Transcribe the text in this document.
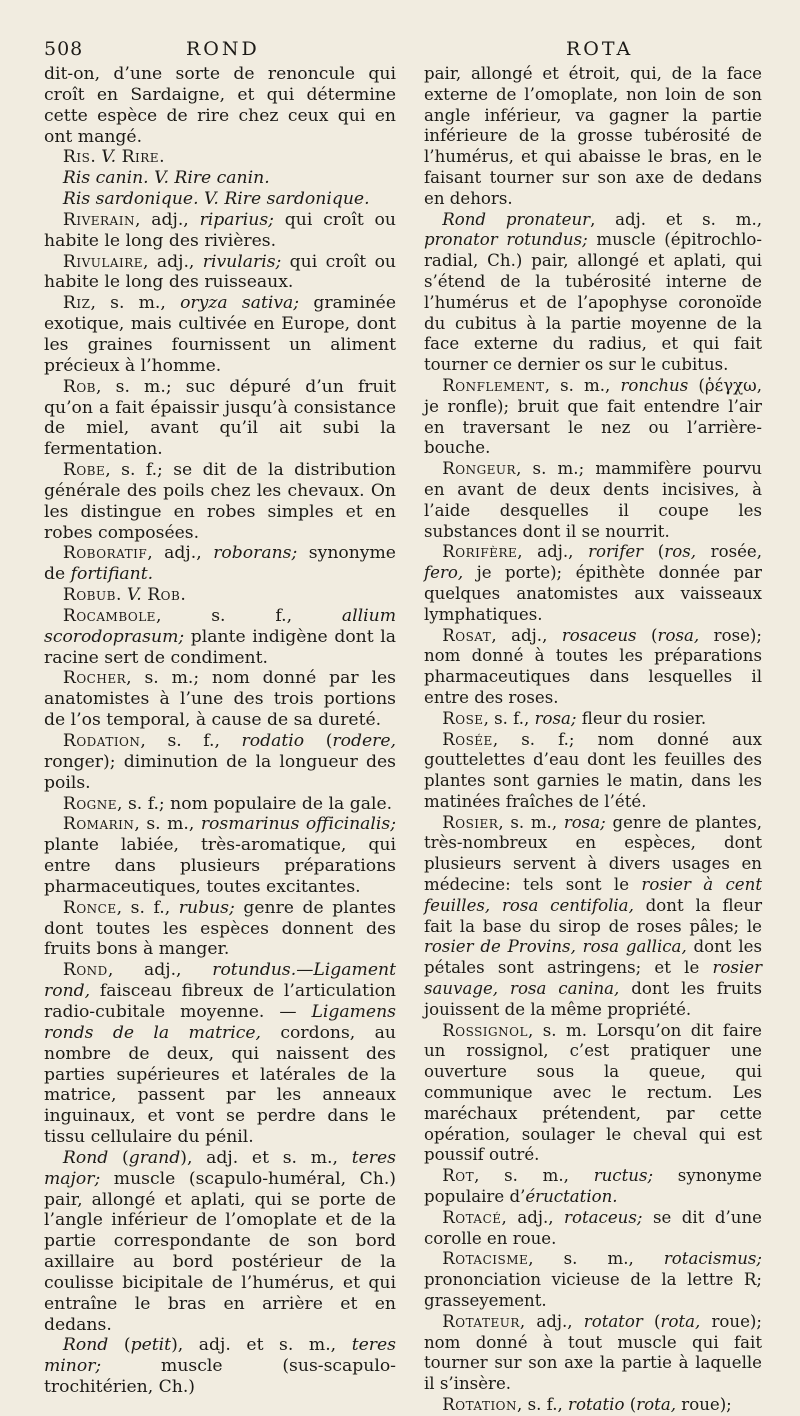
508	ROND	ROTA

dit-on, d’une sorte de renoncule qui croît en Sardaigne, et qui détermine cette espèce de rire chez ceux qui en ont mangé.

Ris. V. Rire.

Ris canin. V. Rire canin.

Ris sardonique. V. Rire sardonique.

Riverain, adj., riparius; qui croît ou habite le long des rivières.

Rivulaire, adj., rivularis; qui croît ou habite le long des ruisseaux.

Riz, s. m., oryza sativa; graminée exotique, mais cultivée en Europe, dont les graines fournissent un aliment précieux à l’homme.

Rob, s. m.; suc dépuré d’un fruit qu’on a fait épaissir jusqu’à consistance de miel, avant qu’il ait subi la fermentation.

Robe, s. f.; se dit de la distribution générale des poils chez les chevaux. On les distingue en robes simples et en robes composées.

Roboratif, adj., roborans; synonyme de fortifiant.

Robub. V. Rob.

Rocambole, s. f., allium scorodoprasum; plante indigène dont la racine sert de condiment.

Rocher, s. m.; nom donné par les anatomistes à l’une des trois portions de l’os temporal, à cause de sa dureté.

Rodation, s. f., rodatio (rodere, ronger); diminution de la longueur des poils.

Rogne, s. f.; nom populaire de la gale.

Romarin, s. m., rosmarinus officinalis; plante labiée, très-aromatique, qui entre dans plusieurs préparations pharmaceutiques, toutes excitantes.

Ronce, s. f., rubus; genre de plantes dont toutes les espèces donnent des fruits bons à manger.

Rond, adj., rotundus.—Ligament rond, faisceau fibreux de l’articulation radio-cubitale moyenne. — Ligamens ronds de la matrice, cordons, au nombre de deux, qui naissent des parties supérieures et latérales de la matrice, passent par les anneaux inguinaux, et vont se perdre dans le tissu cellulaire du pénil.

Rond (grand), adj. et s. m., teres major; muscle (scapulo-huméral, Ch.) pair, allongé et aplati, qui se porte de l’angle inférieur de l’omoplate et de la partie correspondante de son bord axillaire au bord postérieur de la coulisse bicipitale de l’humérus, et qui entraîne le bras en arrière et en dedans.

Rond (petit), adj. et s. m., teres minor; muscle (sus-scapulo-trochitérien, Ch.)

pair, allongé et étroit, qui, de la face externe de l’omoplate, non loin de son angle inférieur, va gagner la partie inférieure de la grosse tubérosité de l’humérus, et qui abaisse le bras, en le faisant tourner sur son axe de dedans en dehors.

Rond pronateur, adj. et s. m., pronator rotundus; muscle (épitrochlo-radial, Ch.) pair, allongé et aplati, qui s’étend de la tubérosité interne de l’humérus et de l’apophyse coronoïde du cubitus à la partie moyenne de la face externe du radius, et qui fait tourner ce dernier os sur le cubitus.

Ronflement, s. m., ronchus (ῥέγχω, je ronfle); bruit que fait entendre l’air en traversant le nez ou l’arrière-bouche.

Rongeur, s. m.; mammifère pourvu en avant de deux dents incisives, à l’aide desquelles il coupe les substances dont il se nourrit.

Rorifère, adj., rorifer (ros, rosée, fero, je porte); épithète donnée par quelques anatomistes aux vaisseaux lymphatiques.

Rosat, adj., rosaceus (rosa, rose); nom donné à toutes les préparations pharmaceutiques dans lesquelles il entre des roses.

Rose, s. f., rosa; fleur du rosier.

Rosée, s. f.; nom donné aux gouttelettes d’eau dont les feuilles des plantes sont garnies le matin, dans les matinées fraîches de l’été.

Rosier, s. m., rosa; genre de plantes, très-nombreux en espèces, dont plusieurs servent à divers usages en médecine: tels sont le rosier à cent feuilles, rosa centifolia, dont la fleur fait la base du sirop de roses pâles; le rosier de Provins, rosa gallica, dont les pétales sont astringens; et le rosier sauvage, rosa canina, dont les fruits jouissent de la même propriété.

Rossignol, s. m. Lorsqu’on dit faire un rossignol, c’est pratiquer une ouverture sous la queue, qui communique avec le rectum. Les maréchaux prétendent, par cette opération, soulager le cheval qui est poussif outré.

Rot, s. m., ructus; synonyme populaire d’éructation.

Rotacé, adj., rotaceus; se dit d’une corolle en roue.

Rotacisme, s. m., rotacismus; prononciation vicieuse de la lettre R; grasseyement.

Rotateur, adj., rotator (rota, roue); nom donné à tout muscle qui fait tourner sur son axe la partie à laquelle il s’insère.

Rotation, s. f., rotatio (rota, roue);
